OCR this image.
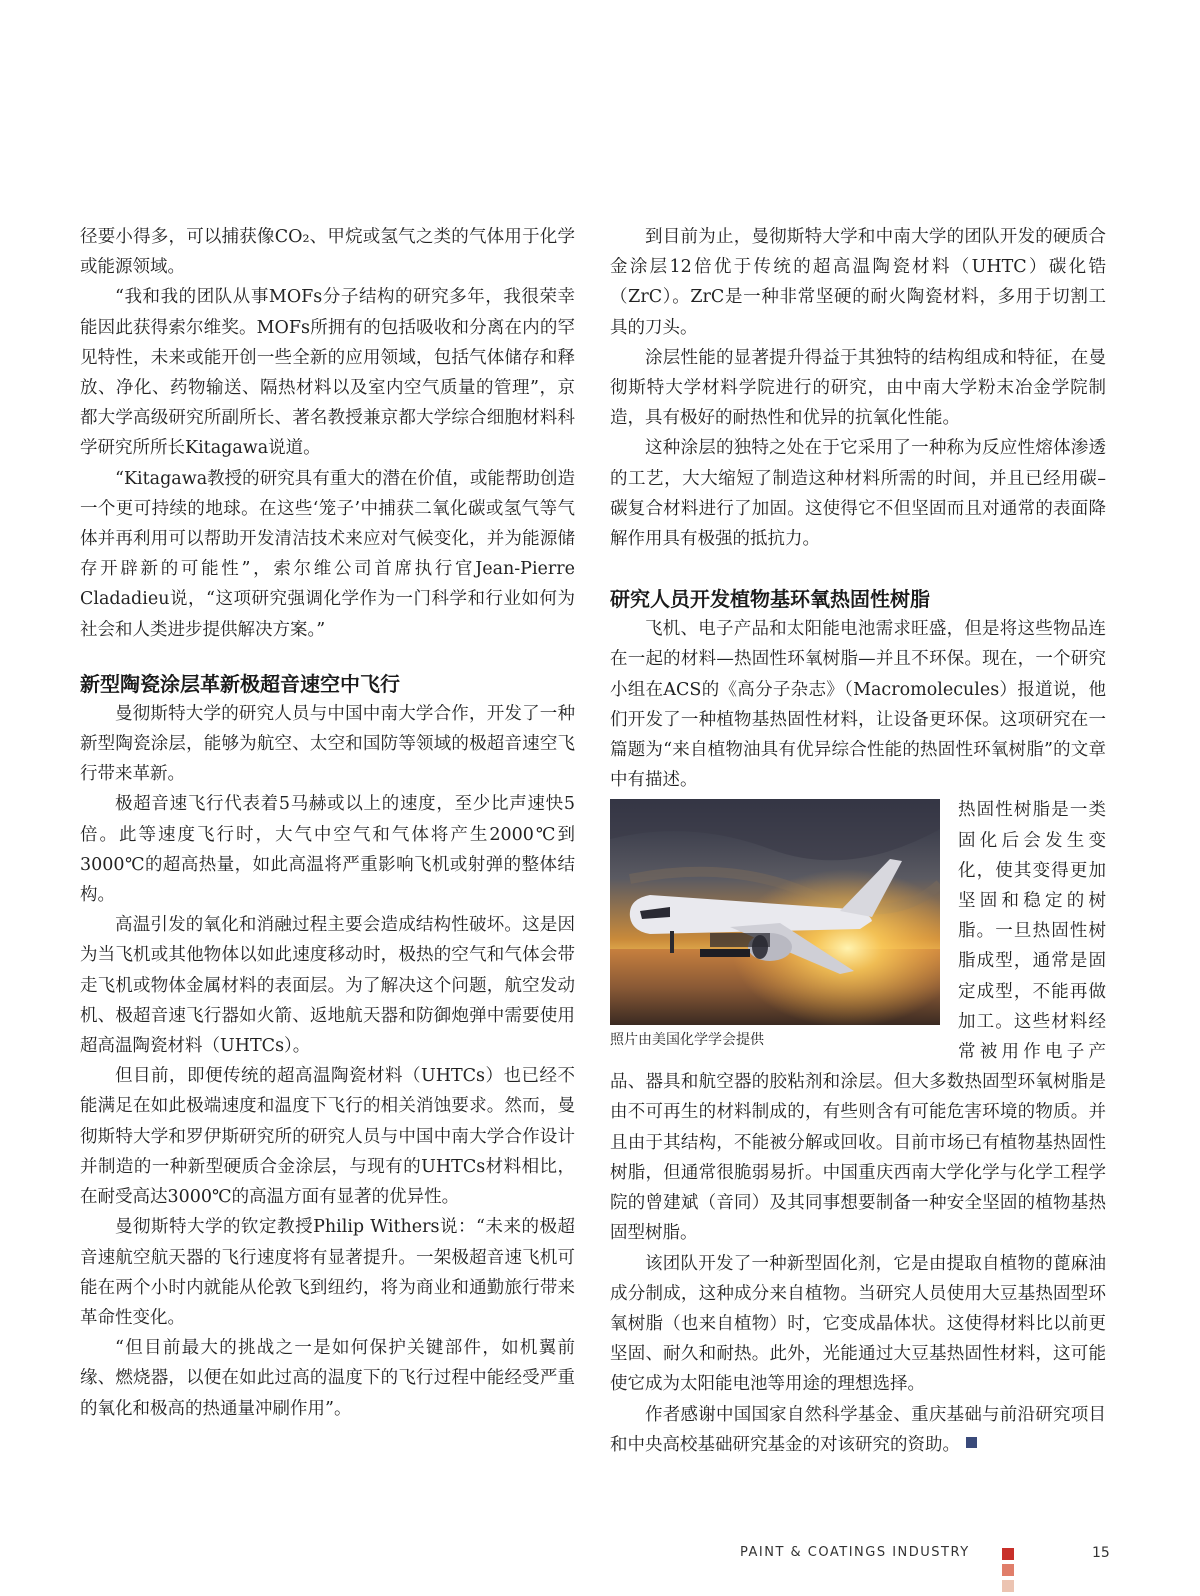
径要小得多，可以捕获像CO₂、甲烷或氢气之类的气体用于化学或能源领域。

“我和我的团队从事MOFs分子结构的研究多年，我很荣幸能因此获得索尔维奖。MOFs所拥有的包括吸收和分离在内的罕见特性，未来或能开创一些全新的应用领域，包括气体储存和释放、净化、药物输送、隔热材料以及室内空气质量的管理”，京都大学高级研究所副所长、著名教授兼京都大学综合细胞材料科学研究所所长Kitagawa说道。

“Kitagawa教授的研究具有重大的潜在价值，或能帮助创造一个更可持续的地球。在这些‘笼子’中捕获二氧化碳或氢气等气体并再利用可以帮助开发清洁技术来应对气候变化，并为能源储存开辟新的可能性”，索尔维公司首席执行官Jean-Pierre Cladadieu说，“这项研究强调化学作为一门科学和行业如何为社会和人类进步提供解决方案。”

新型陶瓷涂层革新极超音速空中飞行

曼彻斯特大学的研究人员与中国中南大学合作，开发了一种新型陶瓷涂层，能够为航空、太空和国防等领域的极超音速空飞行带来革新。

极超音速飞行代表着5马赫或以上的速度，至少比声速快5倍。此等速度飞行时，大气中空气和气体将产生2000℃到3000℃的超高热量，如此高温将严重影响飞机或射弹的整体结构。

高温引发的氧化和消融过程主要会造成结构性破坏。这是因为当飞机或其他物体以如此速度移动时，极热的空气和气体会带走飞机或物体金属材料的表面层。为了解决这个问题，航空发动机、极超音速飞行器如火箭、返地航天器和防御炮弹中需要使用超高温陶瓷材料（UHTCs）。

但目前，即便传统的超高温陶瓷材料（UHTCs）也已经不能满足在如此极端速度和温度下飞行的相关消蚀要求。然而，曼彻斯特大学和罗伊斯研究所的研究人员与中国中南大学合作设计并制造的一种新型硬质合金涂层，与现有的UHTCs材料相比，在耐受高达3000℃的高温方面有显著的优异性。

曼彻斯特大学的钦定教授Philip Withers说：“未来的极超音速航空航天器的飞行速度将有显著提升。一架极超音速飞机可能在两个小时内就能从伦敦飞到纽约，将为商业和通勤旅行带来革命性变化。

“但目前最大的挑战之一是如何保护关键部件，如机翼前缘、燃烧器，以便在如此过高的温度下的飞行过程中能经受严重的氧化和极高的热通量冲刷作用”。

到目前为止，曼彻斯特大学和中南大学的团队开发的硬质合金涂层12倍优于传统的超高温陶瓷材料（UHTC）碳化锆（ZrC）。ZrC是一种非常坚硬的耐火陶瓷材料，多用于切割工具的刀头。

涂层性能的显著提升得益于其独特的结构组成和特征，在曼彻斯特大学材料学院进行的研究，由中南大学粉末冶金学院制造，具有极好的耐热性和优异的抗氧化性能。

这种涂层的独特之处在于它采用了一种称为反应性熔体渗透的工艺，大大缩短了制造这种材料所需的时间，并且已经用碳–碳复合材料进行了加固。这使得它不但坚固而且对通常的表面降解作用具有极强的抵抗力。

研究人员开发植物基环氧热固性树脂

飞机、电子产品和太阳能电池需求旺盛，但是将这些物品连在一起的材料—热固性环氧树脂—并且不环保。现在，一个研究小组在ACS的《高分子杂志》（Macromolecules）报道说，他们开发了一种植物基热固性材料，让设备更环保。这项研究在一篇题为“来自植物油具有优异综合性能的热固性环氧树脂”的文章中有描述。

照片由美国化学学会提供

热固性树脂是一类固化后会发生变化，使其变得更加坚固和稳定的树脂。一旦热固性树脂成型，通常是固定成型，不能再做加工。这些材料经常被用作电子产品、器具和航空器的胶粘剂和涂层。但大多数热固型环氧树脂是由不可再生的材料制成的，有些则含有可能危害环境的物质。并且由于其结构，不能被分解或回收。目前市场已有植物基热固性树脂，但通常很脆弱易折。中国重庆西南大学化学与化学工程学院的曾建斌（音同）及其同事想要制备一种安全坚固的植物基热固型树脂。

该团队开发了一种新型固化剂，它是由提取自植物的蓖麻油成分制成，这种成分来自植物。当研究人员使用大豆基热固型环氧树脂（也来自植物）时，它变成晶体状。这使得材料比以前更坚固、耐久和耐热。此外，光能通过大豆基热固性材料，这可能使它成为太阳能电池等用途的理想选择。

作者感谢中国国家自然科学基金、重庆基础与前沿研究项目和中央高校基础研究基金的对该研究的资助。

PAINT & COATINGS INDUSTRY	15
